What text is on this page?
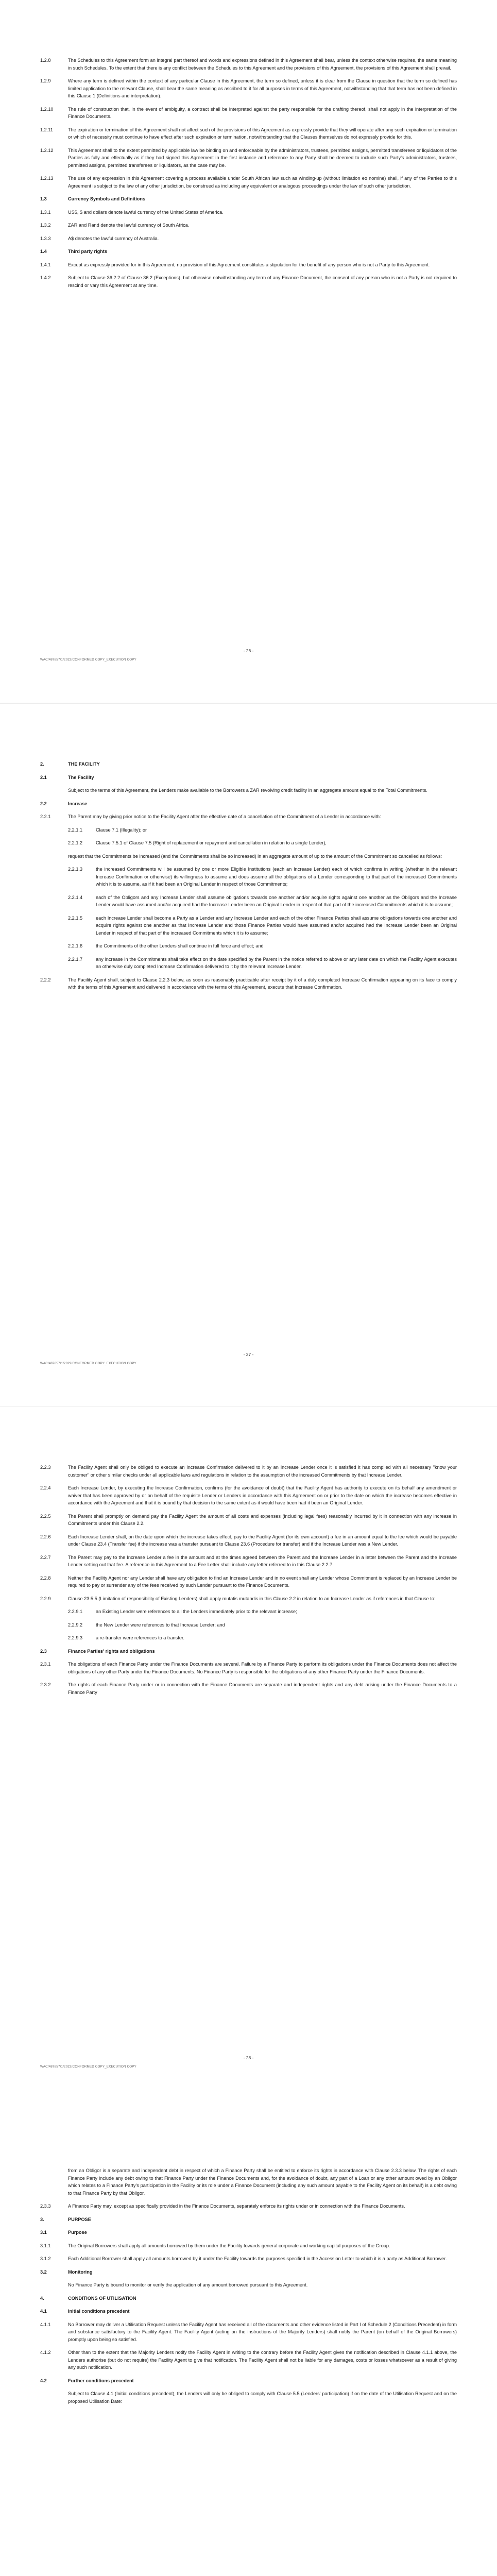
1.2.8	The Schedules to this Agreement form an integral part thereof and words and expressions defined in this Agreement shall bear, unless the context otherwise requires, the same meaning in such Schedules. To the extent that there is any conflict between the Schedules to this Agreement and the provisions of this Agreement, the provisions of this Agreement shall prevail.
1.2.9	Where any term is defined within the context of any particular Clause in this Agreement, the term so defined, unless it is clear from the Clause in question that the term so defined has limited application to the relevant Clause, shall bear the same meaning as ascribed to it for all purposes in terms of this Agreement, notwithstanding that that term has not been defined in this Clause 1 (Definitions and interpretation).
1.2.10	The rule of construction that, in the event of ambiguity, a contract shall be interpreted against the party responsible for the drafting thereof, shall not apply in the interpretation of the Finance Documents.
1.2.11	The expiration or termination of this Agreement shall not affect such of the provisions of this Agreement as expressly provide that they will operate after any such expiration or termination or which of necessity must continue to have effect after such expiration or termination, notwithstanding that the Clauses themselves do not expressly provide for this.
1.2.12	This Agreement shall to the extent permitted by applicable law be binding on and enforceable by the administrators, trustees, permitted assigns, permitted transferees or liquidators of the Parties as fully and effectually as if they had signed this Agreement in the first instance and reference to any Party shall be deemed to include such Party's administrators, trustees, permitted assigns, permitted transferees or liquidators, as the case may be.
1.2.13	The use of any expression in this Agreement covering a process available under South African law such as winding-up (without limitation eo nomine) shall, if any of the Parties to this Agreement is subject to the law of any other jurisdiction, be construed as including any equivalent or analogous proceedings under the law of such other jurisdiction.
1.3	Currency Symbols and Definitions
1.3.1	US$, $ and dollars denote lawful currency of the United States of America.
1.3.2	ZAR and Rand denote the lawful currency of South Africa.
1.3.3	A$ denotes the lawful currency of Australia.
1.4	Third party rights
1.4.1	Except as expressly provided for in this Agreement, no provision of this Agreement constitutes a stipulation for the benefit of any person who is not a Party to this Agreement.
1.4.2	Subject to Clause 36.2.2 of Clause 36.2 (Exceptions), but otherwise notwithstanding any term of any Finance Document, the consent of any person who is not a Party is not required to rescind or vary this Agreement at any time.
- 26 -
WAC/487857/1/2022/CONFORMED COPY_EXECUTION COPY
2.	THE FACILITY
2.1	The Facility
Subject to the terms of this Agreement, the Lenders make available to the Borrowers a ZAR revolving credit facility in an aggregate amount equal to the Total Commitments.
2.2	Increase
2.2.1	The Parent may by giving prior notice to the Facility Agent after the effective date of a cancellation of the Commitment of a Lender in accordance with:
2.2.1.1	Clause 7.1 (Illegality); or
2.2.1.2	Clause 7.5.1 of Clause 7.5 (Right of replacement or repayment and cancellation in relation to a single Lender),
request that the Commitments be increased (and the Commitments shall be so increased) in an aggregate amount of up to the amount of the Commitment so cancelled as follows:
2.2.1.3	the increased Commitments will be assumed by one or more Eligible Institutions (each an Increase Lender) each of which confirms in writing (whether in the relevant Increase Confirmation or otherwise) its willingness to assume and does assume all the obligations of a Lender corresponding to that part of the increased Commitments which it is to assume, as if it had been an Original Lender in respect of those Commitments;
2.2.1.4	each of the Obligors and any Increase Lender shall assume obligations towards one another and/or acquire rights against one another as the Obligors and the Increase Lender would have assumed and/or acquired had the Increase Lender been an Original Lender in respect of that part of the increased Commitments which it is to assume;
2.2.1.5	each Increase Lender shall become a Party as a Lender and any Increase Lender and each of the other Finance Parties shall assume obligations towards one another and acquire rights against one another as that Increase Lender and those Finance Parties would have assumed and/or acquired had the Increase Lender been an Original Lender in respect of that part of the increased Commitments which it is to assume;
2.2.1.6	the Commitments of the other Lenders shall continue in full force and effect; and
2.2.1.7	any increase in the Commitments shall take effect on the date specified by the Parent in the notice referred to above or any later date on which the Facility Agent executes an otherwise duly completed Increase Confirmation delivered to it by the relevant Increase Lender.
2.2.2	The Facility Agent shall, subject to Clause 2.2.3 below, as soon as reasonably practicable after receipt by it of a duly completed Increase Confirmation appearing on its face to comply with the terms of this Agreement and delivered in accordance with the terms of this Agreement, execute that Increase Confirmation.
- 27 -
WAC/487857/1/2022/CONFORMED COPY_EXECUTION COPY
2.2.3	The Facility Agent shall only be obliged to execute an Increase Confirmation delivered to it by an Increase Lender once it is satisfied it has complied with all necessary "know your customer" or other similar checks under all applicable laws and regulations in relation to the assumption of the increased Commitments by that Increase Lender.
2.2.4	Each Increase Lender, by executing the Increase Confirmation, confirms (for the avoidance of doubt) that the Facility Agent has authority to execute on its behalf any amendment or waiver that has been approved by or on behalf of the requisite Lender or Lenders in accordance with this Agreement on or prior to the date on which the increase becomes effective in accordance with the Agreement and that it is bound by that decision to the same extent as it would have been had it been an Original Lender.
2.2.5	The Parent shall promptly on demand pay the Facility Agent the amount of all costs and expenses (including legal fees) reasonably incurred by it in connection with any increase in Commitments under this Clause 2.2.
2.2.6	Each Increase Lender shall, on the date upon which the increase takes effect, pay to the Facility Agent (for its own account) a fee in an amount equal to the fee which would be payable under Clause 23.4 (Transfer fee) if the increase was a transfer pursuant to Clause 23.6 (Procedure for transfer) and if the Increase Lender was a New Lender.
2.2.7	The Parent may pay to the Increase Lender a fee in the amount and at the times agreed between the Parent and the Increase Lender in a letter between the Parent and the Increase Lender setting out that fee. A reference in this Agreement to a Fee Letter shall include any letter referred to in this Clause 2.2.7.
2.2.8	Neither the Facility Agent nor any Lender shall have any obligation to find an Increase Lender and in no event shall any Lender whose Commitment is replaced by an Increase Lender be required to pay or surrender any of the fees received by such Lender pursuant to the Finance Documents.
2.2.9	Clause 23.5.5 (Limitation of responsibility of Existing Lenders) shall apply mutatis mutandis in this Clause 2.2 in relation to an Increase Lender as if references in that Clause to:
2.2.9.1	an Existing Lender were references to all the Lenders immediately prior to the relevant increase;
2.2.9.2	the New Lender were references to that Increase Lender; and
2.2.9.3	a re-transfer were references to a transfer.
2.3	Finance Parties' rights and obligations
2.3.1	The obligations of each Finance Party under the Finance Documents are several. Failure by a Finance Party to perform its obligations under the Finance Documents does not affect the obligations of any other Party under the Finance Documents. No Finance Party is responsible for the obligations of any other Finance Party under the Finance Documents.
2.3.2	The rights of each Finance Party under or in connection with the Finance Documents are separate and independent rights and any debt arising under the Finance Documents to a Finance Party
- 28 -
WAC/487857/1/2022/CONFORMED COPY_EXECUTION COPY
from an Obligor is a separate and independent debt in respect of which a Finance Party shall be entitled to enforce its rights in accordance with Clause 2.3.3 below. The rights of each Finance Party include any debt owing to that Finance Party under the Finance Documents and, for the avoidance of doubt, any part of a Loan or any other amount owed by an Obligor which relates to a Finance Party's participation in the Facility or its role under a Finance Document (including any such amount payable to the Facility Agent on its behalf) is a debt owing to that Finance Party by that Obligor.
2.3.3	A Finance Party may, except as specifically provided in the Finance Documents, separately enforce its rights under or in connection with the Finance Documents.
3.	PURPOSE
3.1	Purpose
3.1.1	The Original Borrowers shall apply all amounts borrowed by them under the Facility towards general corporate and working capital purposes of the Group.
3.1.2	Each Additional Borrower shall apply all amounts borrowed by it under the Facility towards the purposes specified in the Accession Letter to which it is a party as Additional Borrower.
3.2	Monitoring
No Finance Party is bound to monitor or verify the application of any amount borrowed pursuant to this Agreement.
4.	CONDITIONS OF UTILISATION
4.1	Initial conditions precedent
4.1.1	No Borrower may deliver a Utilisation Request unless the Facility Agent has received all of the documents and other evidence listed in Part I of Schedule 2 (Conditions Precedent) in form and substance satisfactory to the Facility Agent. The Facility Agent (acting on the instructions of the Majority Lenders) shall notify the Parent (on behalf of the Original Borrowers) promptly upon being so satisfied.
4.1.2	Other than to the extent that the Majority Lenders notify the Facility Agent in writing to the contrary before the Facility Agent gives the notification described in Clause 4.1.1 above, the Lenders authorise (but do not require) the Facility Agent to give that notification. The Facility Agent shall not be liable for any damages, costs or losses whatsoever as a result of giving any such notification.
4.2	Further conditions precedent
Subject to Clause 4.1 (Initial conditions precedent), the Lenders will only be obliged to comply with Clause 5.5 (Lenders' participation) if on the date of the Utilisation Request and on the proposed Utilisation Date:
